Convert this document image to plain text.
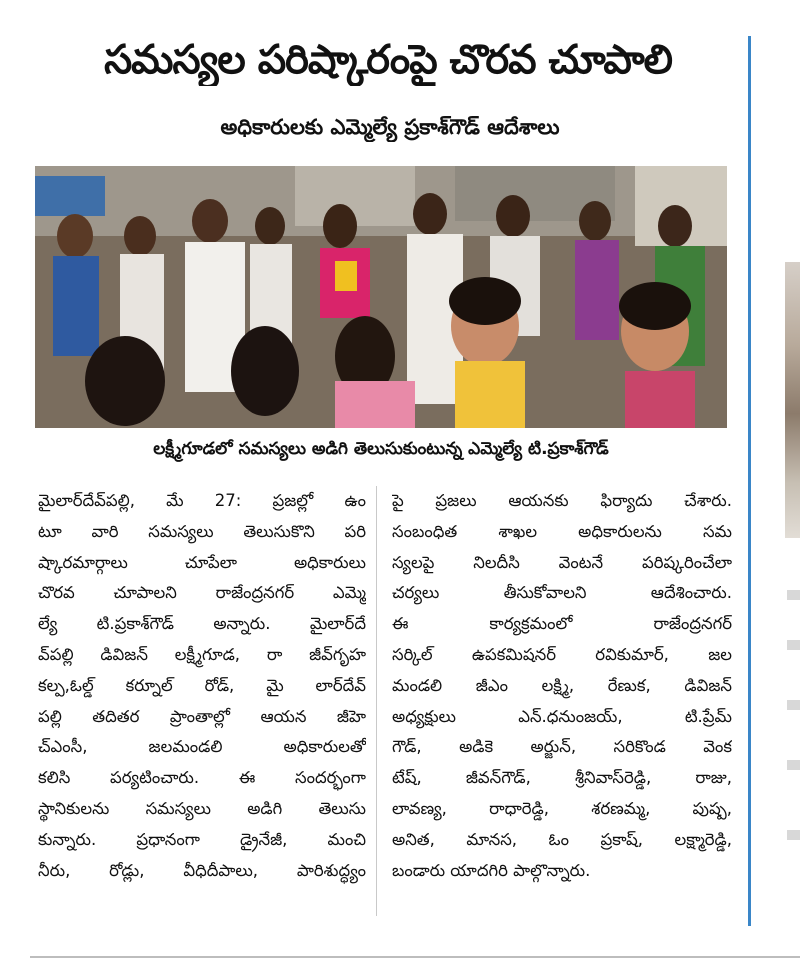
సమస్యల పరిష్కారంపై చొరవ చూపాలి
అధికారులకు ఎమ్మెల్యే ప్రకాశ్‌గౌడ్ ఆదేశాలు
లక్ష్మీగూడలో సమస్యలు అడిగి తెలుసుకుంటున్న ఎమ్మెల్యే టి.ప్రకాశ్‌గౌడ్
మైలార్‌దేవ్‌పల్లి, మే 27: ప్రజల్లో ఉం
టూ వారి సమస్యలు తెలుసుకొని పరి
ష్కారమార్గాలు చూపేలా అధికారులు
చొరవ చూపాలని రాజేంద్రనగర్ ఎమ్మె
ల్యే టి.ప్రకాశ్‌గౌడ్ అన్నారు. మైలార్‌దే
వ్‌పల్లి డివిజన్ లక్ష్మీగూడ, రా జీవ్‌గృహ
కల్ప,ఓల్డ్ కర్నూల్ రోడ్, మై లార్‌దేవ్‌
పల్లి తదితర ప్రాంతాల్లో ఆయన జీహె
చ్‌ఎంసీ, జలమండలి అధికారులతో
కలిసి పర్యటించారు. ఈ సందర్భంగా
స్థానికులను సమస్యలు అడిగి తెలుసు
కున్నారు. ప్రధానంగా డ్రైనేజీ, మంచి
నీరు, రోడ్లు, వీధిదీపాలు, పారిశుద్ధ్యం
పై ప్రజలు ఆయనకు ఫిర్యాదు చేశారు.
సంబంధిత శాఖల అధికారులను సమ
స్యలపై నిలదీసి వెంటనే పరిష్కరించేలా
చర్యలు తీసుకోవాలని ఆదేశించారు.
ఈ కార్యక్రమంలో రాజేంద్రనగర్
సర్కిల్ ఉపకమిషనర్ రవికుమార్, జల
మండలి జీఎం లక్ష్మి, రేణుక, డివిజన్
అధ్యక్షులు ఎన్.ధనుంజయ్, టి.ప్రేమ్
గౌడ్, అడికె అర్జున్, సరికొండ వెంక
టేష్, జీవన్‌గౌడ్, శ్రీనివాస్‌రెడ్డి, రాజు,
లావణ్య, రాధారెడ్డి, శరణమ్మ, పుష్ప,
అనిత, మానస, ఓం ప్రకాష్, లక్ష్మారెడ్డి,
బండారు యాదగిరి పాల్గొన్నారు.
